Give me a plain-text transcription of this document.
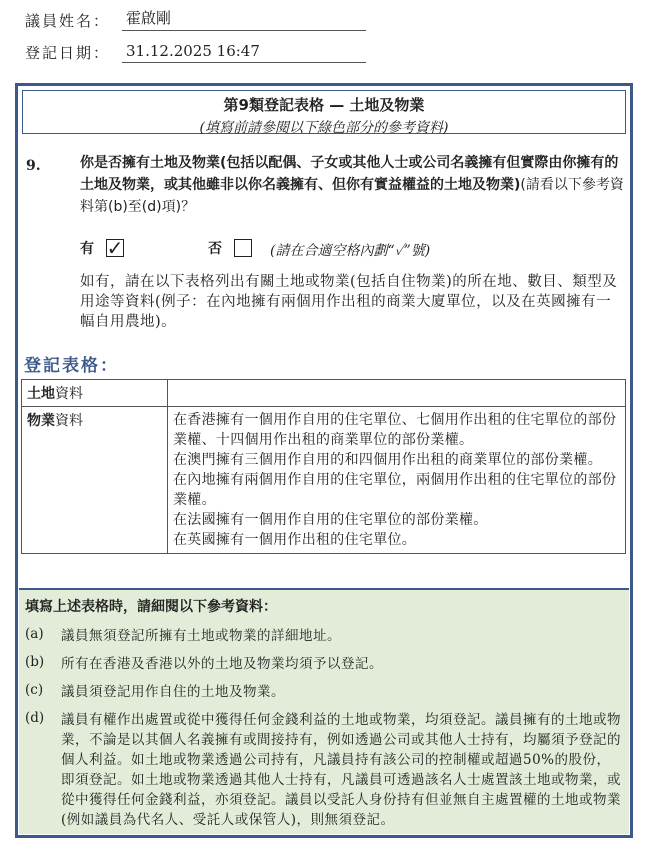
議員姓名：	霍啟剛
登記日期：	31.12.2025 16:47
第9類登記表格 — 土地及物業
(填寫前請參閱以下綠色部分的參考資料)
9.	你是否擁有土地及物業(包括以配偶、子女或其他人士或公司名義擁有但實際由你擁有的土地及物業，或其他雖非以你名義擁有、但你有實益權益的土地及物業)(請看以下參考資料第(b)至(d)項)？
有 ✓	否	(請在合適空格內劃“✓”號)
如有，請在以下表格列出有關土地或物業(包括自住物業)的所在地、數目、類型及用途等資料(例子：在內地擁有兩個用作出租的商業大廈單位，以及在英國擁有一幅自用農地)。
登記表格：
土地資料	
物業資料	在香港擁有一個用作自用的住宅單位、七個用作出租的住宅單位的部份業權、十四個用作出租的商業單位的部份業權。
在澳門擁有三個用作自用的和四個用作出租的商業單位的部份業權。
在內地擁有兩個用作自用的住宅單位，兩個用作出租的住宅單位的部份業權。
在法國擁有一個用作自用的住宅單位的部份業權。
在英國擁有一個用作出租的住宅單位。
填寫上述表格時，請細閱以下參考資料：
(a)	議員無須登記所擁有土地或物業的詳細地址。
(b)	所有在香港及香港以外的土地及物業均須予以登記。
(c)	議員須登記用作自住的土地及物業。
(d)	議員有權作出處置或從中獲得任何金錢利益的土地或物業，均須登記。議員擁有的土地或物業，不論是以其個人名義擁有或間接持有，例如透過公司或其他人士持有，均屬須予登記的個人利益。如土地或物業透過公司持有，凡議員持有該公司的控制權或超過50%的股份，即須登記。如土地或物業透過其他人士持有，凡議員可透過該名人士處置該土地或物業，或從中獲得任何金錢利益，亦須登記。議員以受託人身份持有但並無自主處置權的土地或物業(例如議員為代名人、受託人或保管人)，則無須登記。
